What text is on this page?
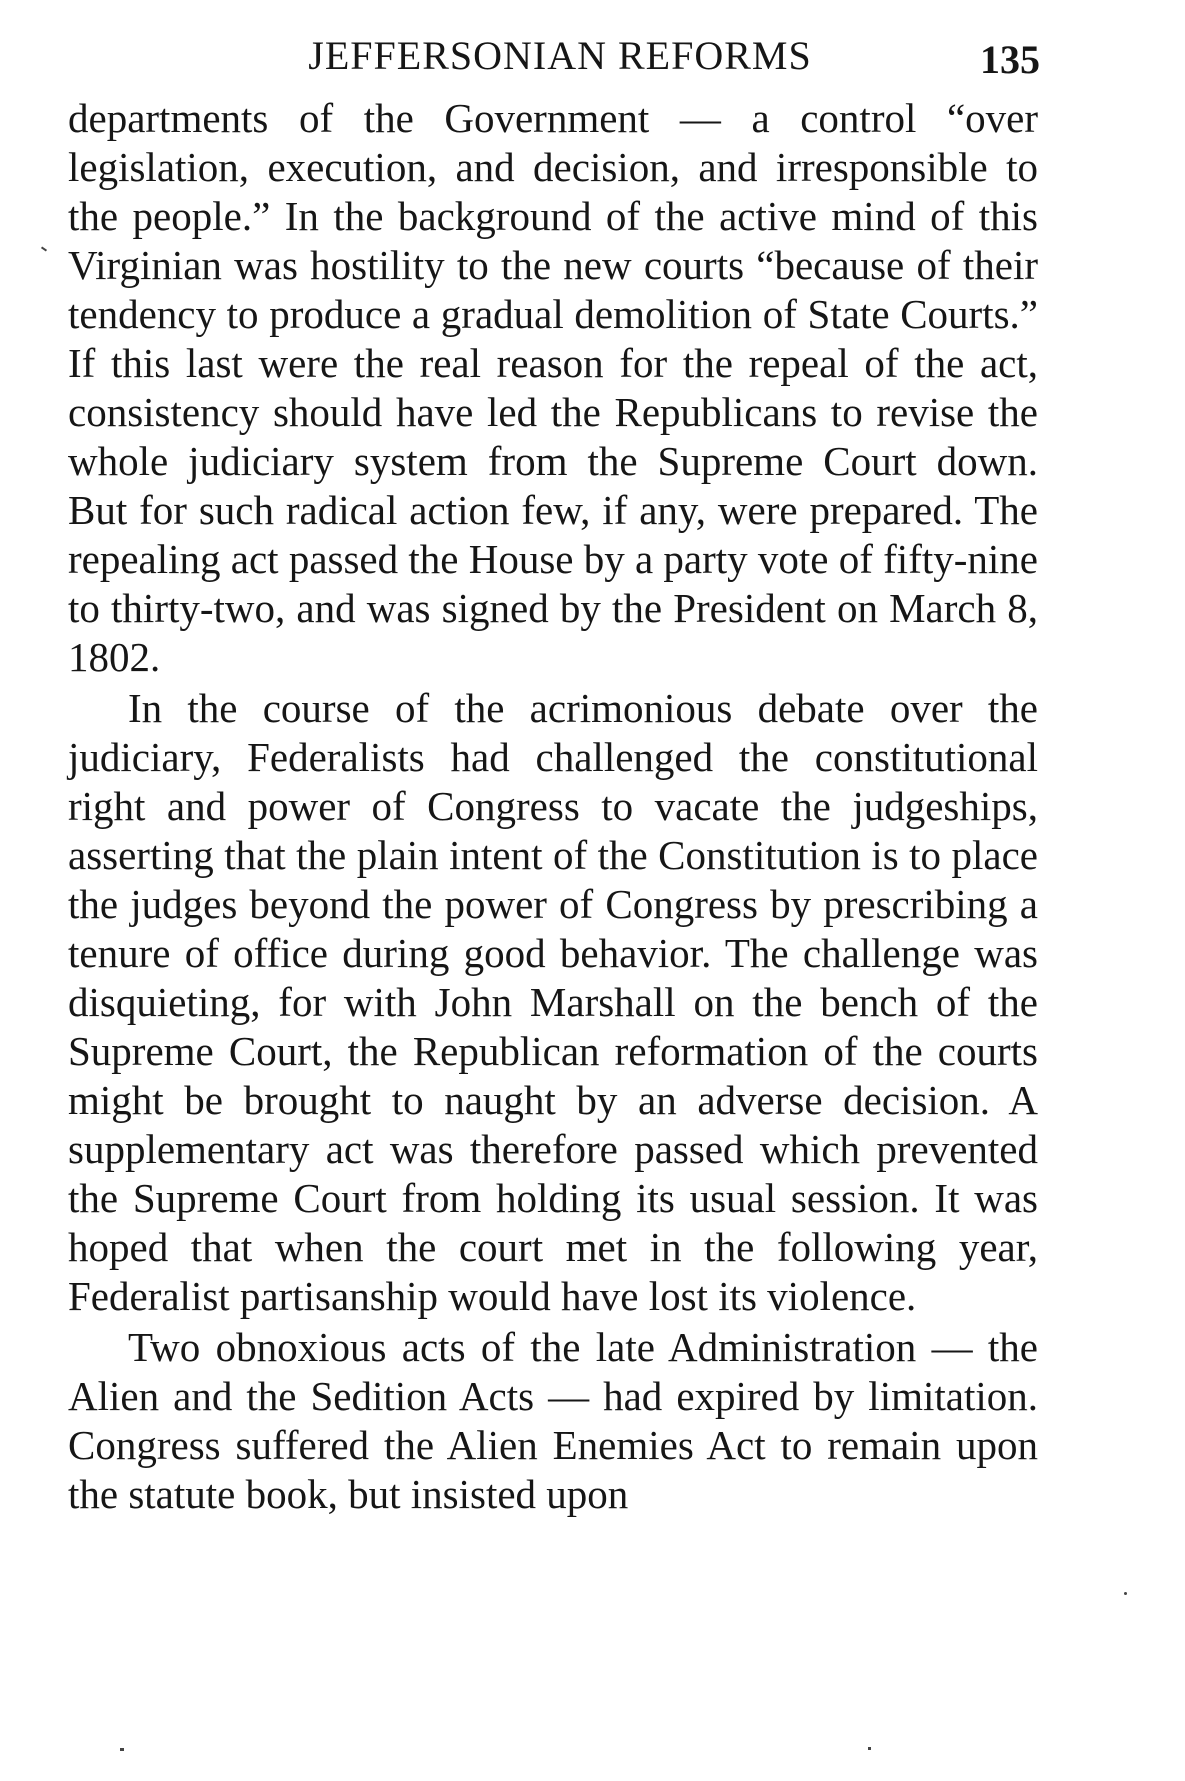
JEFFERSONIAN REFORMS	135

departments of the Government — a control “over legislation, execution, and decision, and irresponsible to the people.” In the background of the active mind of this Virginian was hostility to the new courts “because of their tendency to produce a gradual demolition of State Courts.” If this last were the real reason for the repeal of the act, consistency should have led the Republicans to revise the whole judiciary system from the Supreme Court down. But for such radical action few, if any, were prepared. The repealing act passed the House by a party vote of fifty-nine to thirty-two, and was signed by the President on March 8, 1802.

In the course of the acrimonious debate over the judiciary, Federalists had challenged the constitutional right and power of Congress to vacate the judgeships, asserting that the plain intent of the Constitution is to place the judges beyond the power of Congress by prescribing a tenure of office during good behavior. The challenge was disquieting, for with John Marshall on the bench of the Supreme Court, the Republican reformation of the courts might be brought to naught by an adverse decision. A supplementary act was therefore passed which prevented the Supreme Court from holding its usual session. It was hoped that when the court met in the following year, Federalist partisanship would have lost its violence.

Two obnoxious acts of the late Administration — the Alien and the Sedition Acts — had expired by limitation. Congress suffered the Alien Enemies Act to remain upon the statute book, but insisted upon
